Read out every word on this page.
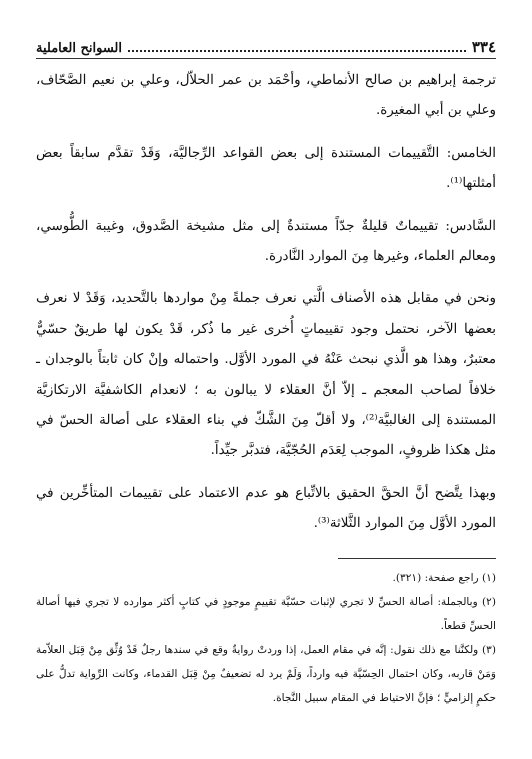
٣٣٤
السوانح العاملية

ترجمة إبراهيم بن صالح الأنماطي، وأحْمَد بن عمر الحلاّل، وعلي بن نعيم الصَّحّاف، وعلي بن أبي المغيرة.

الخامس: التَّقييمات المستندة إلى بعض القواعد الرِّجاليَّة، وَقَدْ تقدَّم سابقاً بعض أمثلتها⁽¹⁾.

السَّادس: تقييماتٌ قليلةٌ جدّاً مستندةٌ إلى مثل مشيخة الصَّدوق، وغيبة الطُّوسي، ومعالم العلماء، وغيرها مِنَ الموارد النَّادرة.

ونحن في مقابل هذه الأصناف الَّتي نعرف جملةً مِنْ مواردها بالتَّحديد، وَقَدْ لا نعرف بعضها الآخر، نحتمل وجود تقييماتٍ أُخرى غير ما ذُكر، قَدْ يكون لها طريقٌ حسّيٌّ معتبرٌ، وهذا هو الَّذي نبحث عَنْهُ في المورد الأوَّل. واحتماله وإنْ كان ثابتاً بالوجدان ـ خلافاً لصاحب المعجم ـ إلاّ أنَّ العقلاء لا يبالون به ؛ لانعدام الكاشفيَّة الارتكازيَّة المستندة إلى الغالبيَّة⁽²⁾، ولا أقلّ مِنَ الشَّكّ في بناء العقلاء على أصالة الحسّ في مثل هكذا ظروفٍ، الموجب لِعَدَم الحُجّيَّة، فتدبَّر جيِّداً.

وبهذا يتَّضح أنَّ الحقَّ الحقيق بالاتِّباع هو عدم الاعتماد على تقييمات المتأخِّرين في المورد الأوَّل مِنَ الموارد الثَّلاثة⁽³⁾.

(١) راجع صفحة: (٣٢١).

(٢) وبالجملة: أصالة الحسِّ لا تجري لإثبات حسّيَّة تقييمٍ موجودٍ في كتابٍ أكثر موارده لا تجري فيها أصالة الحسِّ قطعاً.

(٣) ولكنَّنا مع ذلك نقول: إنَّه في مقام العمل، إذا وردتْ روايةٌ وقع في سندها رجلٌ قَدْ وُثِّق مِنْ قِبَل العلاّمة وَمَنْ قاربه، وكان احتمال الحِسّيَّة فيه وارداً، وَلَمْ يرد له تضعيفٌ مِنْ قِبَل القدماء، وكانت الرِّواية تدلُّ على حكمٍ إلزاميٍّ ؛ فإنَّ الاحتياط في المقام سبيل النَّجاة.
